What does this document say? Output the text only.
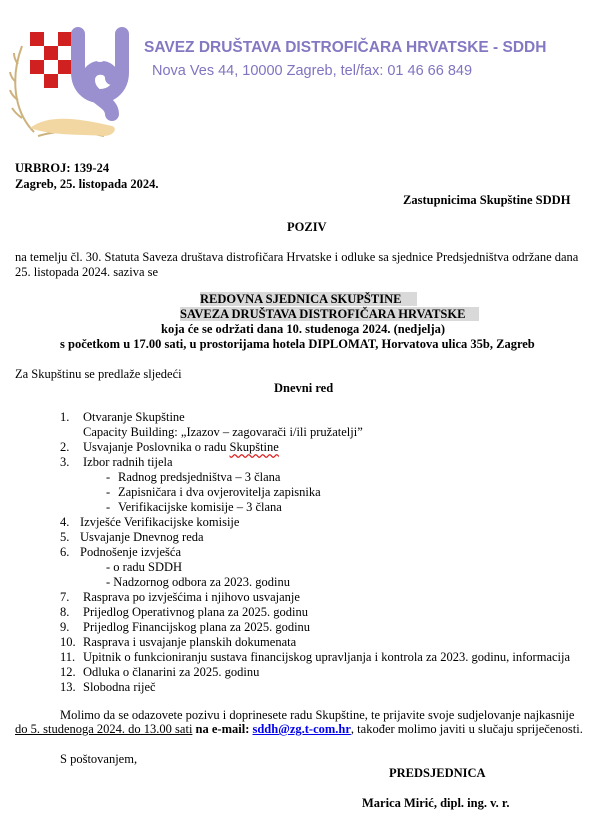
SAVEZ DRUŠTAVA DISTROFIČARA HRVATSKE - SDDH
Nova Ves 44, 10000 Zagreb, tel/fax: 01 46 66 849
URBROJ: 139-24
Zagreb, 25. listopada 2024.
Zastupnicima Skupštine SDDH
POZIV
na temelju čl. 30. Statuta Saveza društava distrofičara Hrvatske i odluke sa sjednice Predsjedništva održane dana
25. listopada 2024. saziva se
REDOVNA SJEDNICA SKUPŠTINE
SAVEZA DRUŠTAVA DISTROFIČARA HRVATSKE
koja će se održati dana 10. studenoga 2024. (nedjelja)
s početkom u 17.00 sati, u prostorijama hotela DIPLOMAT, Horvatova ulica 35b, Zagreb
Za Skupštinu se predlaže sljedeći
Dnevni red
1. Otvaranje Skupštine
Capacity Building: „Izazov – zagovarači i/ili pružatelji”
2. Usvajanje Poslovnika o radu Skupštine
3. Izbor radnih tijela
- Radnog predsjedništva – 3 člana
- Zapisničara i dva ovjerovitelja zapisnika
- Verifikacijske komisije – 3 člana
4. Izvješće Verifikacijske komisije
5. Usvajanje Dnevnog reda
6. Podnošenje izvješća
- o radu SDDH
- Nadzornog odbora za 2023. godinu
7. Rasprava po izvješćima i njihovo usvajanje
8. Prijedlog Operativnog plana za 2025. godinu
9. Prijedlog Financijskog plana za 2025. godinu
10. Rasprava i usvajanje planskih dokumenata
11. Upitnik o funkcioniranju sustava financijskog upravljanja i kontrola za 2023. godinu, informacija
12. Odluka o članarini za 2025. godinu
13. Slobodna riječ
Molimo da se odazovete pozivu i doprinesete radu Skupštine, te prijavite svoje sudjelovanje najkasnije
do 5. studenoga 2024. do 13.00 sati na e-mail: sddh@zg.t-com.hr, također molimo javiti u slučaju spriječenosti.
S poštovanjem,
PREDSJEDNICA
Marica Mirić, dipl. ing. v. r.
